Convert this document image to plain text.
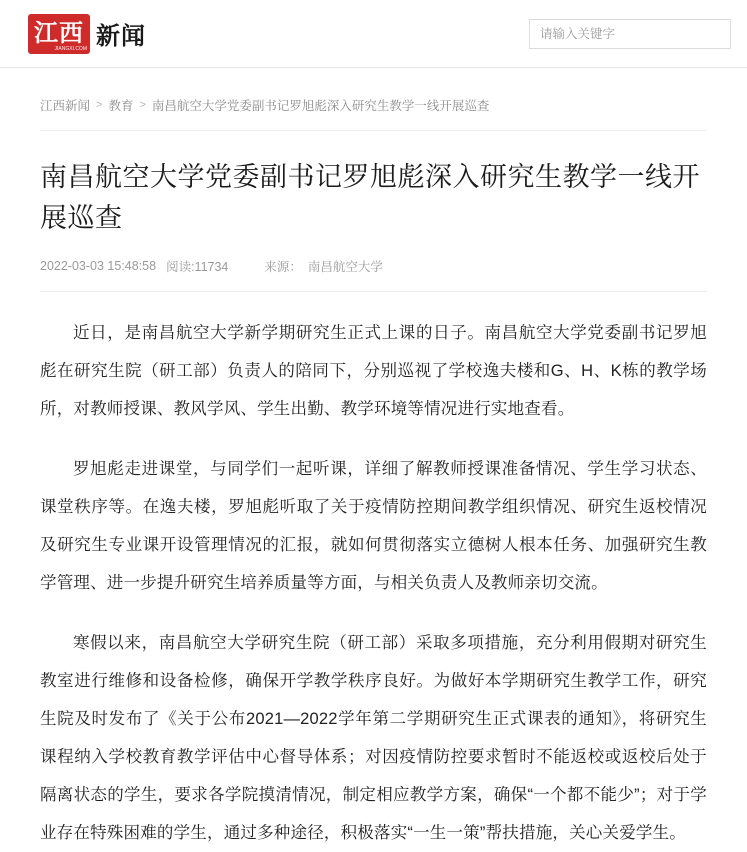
江西
JIANGXI.COM 新闻
请输入关键字
江西新闻 > 教育 > 南昌航空大学党委副书记罗旭彪深入研究生教学一线开展巡查
南昌航空大学党委副书记罗旭彪深入研究生教学一线开展巡查
2022-03-03 15:48:58 阅读:11734	来源： 南昌航空大学

近日，是南昌航空大学新学期研究生正式上课的日子。南昌航空大学党委副书记罗旭彪在研究生院（研工部）负责人的陪同下，分别巡视了学校逸夫楼和G、H、K栋的教学场所，对教师授课、教风学风、学生出勤、教学环境等情况进行实地查看。

罗旭彪走进课堂，与同学们一起听课，详细了解教师授课准备情况、学生学习状态、课堂秩序等。在逸夫楼，罗旭彪听取了关于疫情防控期间教学组织情况、研究生返校情况及研究生专业课开设管理情况的汇报，就如何贯彻落实立德树人根本任务、加强研究生教学管理、进一步提升研究生培养质量等方面，与相关负责人及教师亲切交流。

寒假以来，南昌航空大学研究生院（研工部）采取多项措施，充分利用假期对研究生教室进行维修和设备检修，确保开学教学秩序良好。为做好本学期研究生教学工作，研究生院及时发布了《关于公布2021—2022学年第二学期研究生正式课表的通知》，将研究生课程纳入学校教育教学评估中心督导体系；对因疫情防控要求暂时不能返校或返校后处于隔离状态的学生，要求各学院摸清情况，制定相应教学方案，确保“一个都不能少”；对于学业存在特殊困难的学生，通过多种途径，积极落实“一生一策”帮扶措施，关心关爱学生。
